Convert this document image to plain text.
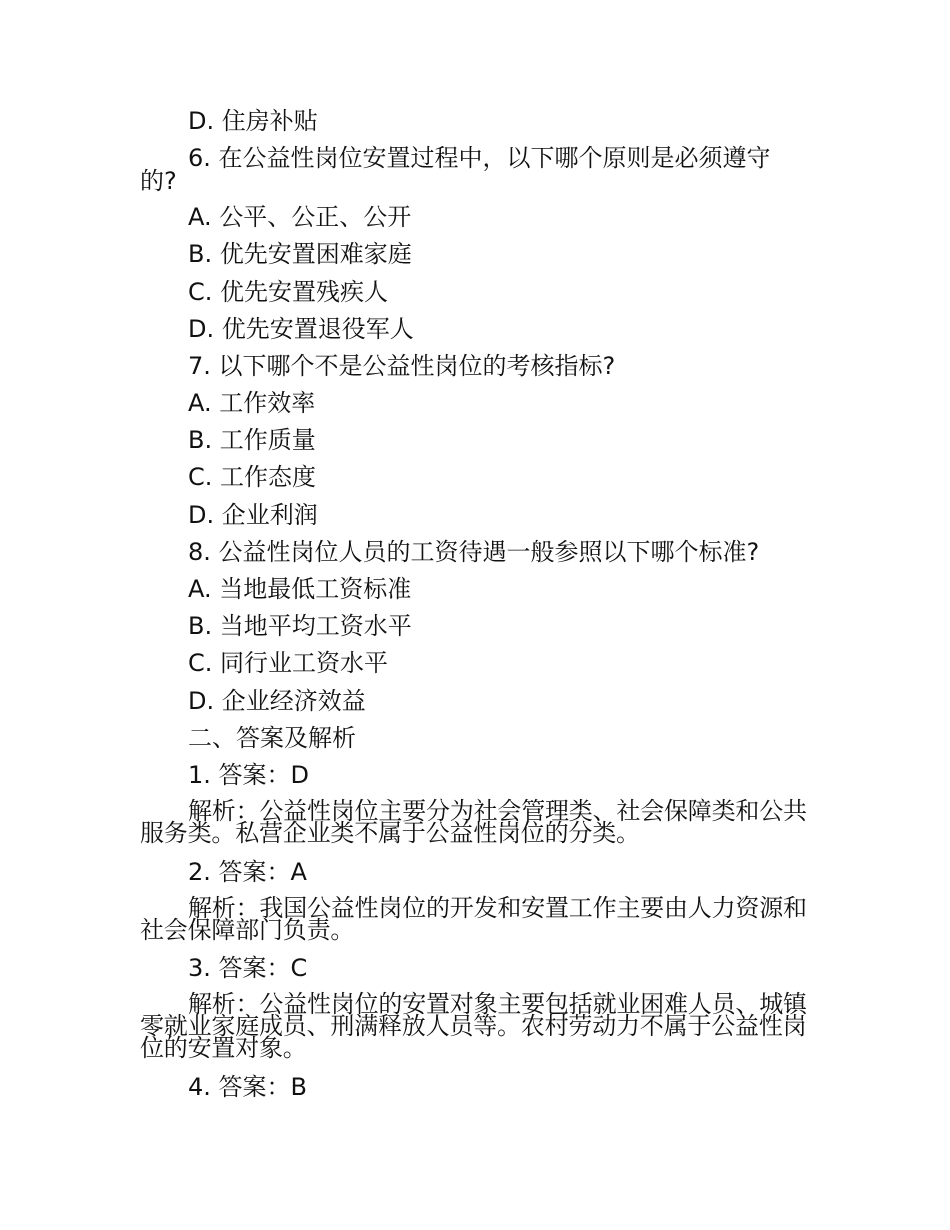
D. 住房补贴
6. 在公益性岗位安置过程中，以下哪个原则是必须遵守
的?
A. 公平、公正、公开
B. 优先安置困难家庭
C. 优先安置残疾人
D. 优先安置退役军人
7. 以下哪个不是公益性岗位的考核指标?
A. 工作效率
B. 工作质量
C. 工作态度
D. 企业利润
8. 公益性岗位人员的工资待遇一般参照以下哪个标准?
A. 当地最低工资标准
B. 当地平均工资水平
C. 同行业工资水平
D. 企业经济效益
二、答案及解析
1. 答案：D
解析：公益性岗位主要分为社会管理类、社会保障类和公共服务类。私营企业类不属于公益性岗位的分类。
2. 答案：A
解析：我国公益性岗位的开发和安置工作主要由人力资源和社会保障部门负责。
3. 答案：C
解析：公益性岗位的安置对象主要包括就业困难人员、城镇零就业家庭成员、刑满释放人员等。农村劳动力不属于公益性岗位的安置对象。
4. 答案：B
